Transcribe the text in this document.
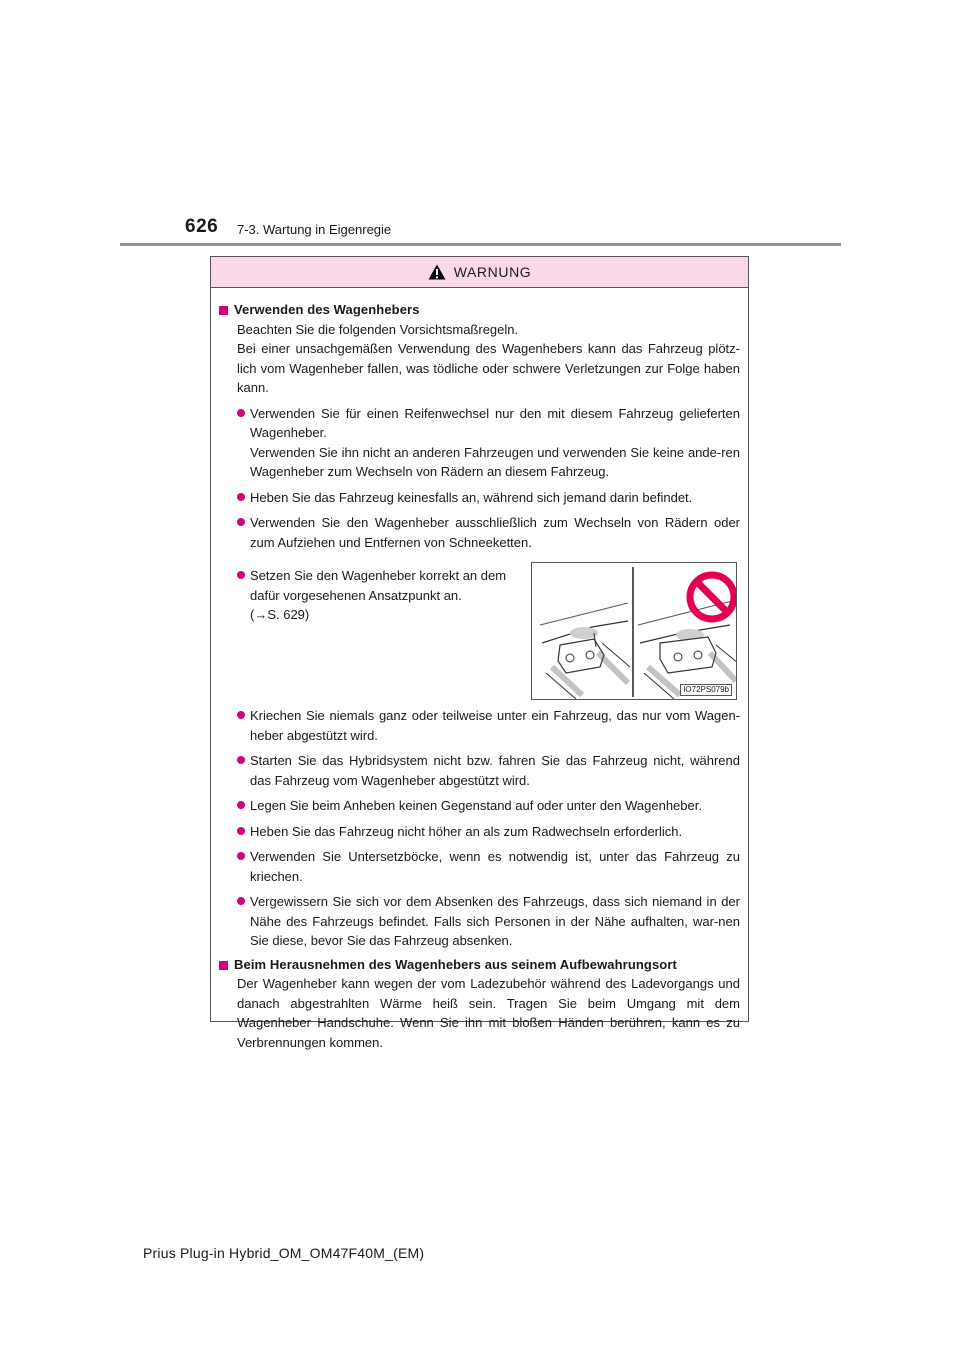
626 7-3. Wartung in Eigenregie
WARNUNG
Verwenden des Wagenhebers

Beachten Sie die folgenden Vorsichtsmaßregeln.

Bei einer unsachgemäßen Verwendung des Wagenhebers kann das Fahrzeug plötz-lich vom Wagenheber fallen, was tödliche oder schwere Verletzungen zur Folge haben kann.

Verwenden Sie für einen Reifenwechsel nur den mit diesem Fahrzeug gelieferten Wagenheber.

Verwenden Sie ihn nicht an anderen Fahrzeugen und verwenden Sie keine ande-ren Wagenheber zum Wechseln von Rädern an diesem Fahrzeug.

Heben Sie das Fahrzeug keinesfalls an, während sich jemand darin befindet.

Verwenden Sie den Wagenheber ausschließlich zum Wechseln von Rädern oder zum Aufziehen und Entfernen von Schneeketten.

Setzen Sie den Wagenheber korrekt an dem dafür vorgesehenen Ansatzpunkt an.

(→S. 629)

IO72PS079b

Kriechen Sie niemals ganz oder teilweise unter ein Fahrzeug, das nur vom Wagen-heber abgestützt wird.

Starten Sie das Hybridsystem nicht bzw. fahren Sie das Fahrzeug nicht, während das Fahrzeug vom Wagenheber abgestützt wird.

Legen Sie beim Anheben keinen Gegenstand auf oder unter den Wagenheber.

Heben Sie das Fahrzeug nicht höher an als zum Radwechseln erforderlich.

Verwenden Sie Untersetzböcke, wenn es notwendig ist, unter das Fahrzeug zu kriechen.

Vergewissern Sie sich vor dem Absenken des Fahrzeugs, dass sich niemand in der Nähe des Fahrzeugs befindet. Falls sich Personen in der Nähe aufhalten, war-nen Sie diese, bevor Sie das Fahrzeug absenken.

Beim Herausnehmen des Wagenhebers aus seinem Aufbewahrungsort

Der Wagenheber kann wegen der vom Ladezubehör während des Ladevorgangs und danach abgestrahlten Wärme heiß sein. Tragen Sie beim Umgang mit dem Wagenheber Handschuhe. Wenn Sie ihn mit bloßen Händen berühren, kann es zu Verbrennungen kommen.

Prius Plug-in Hybrid_OM_OM47F40M_(EM)
